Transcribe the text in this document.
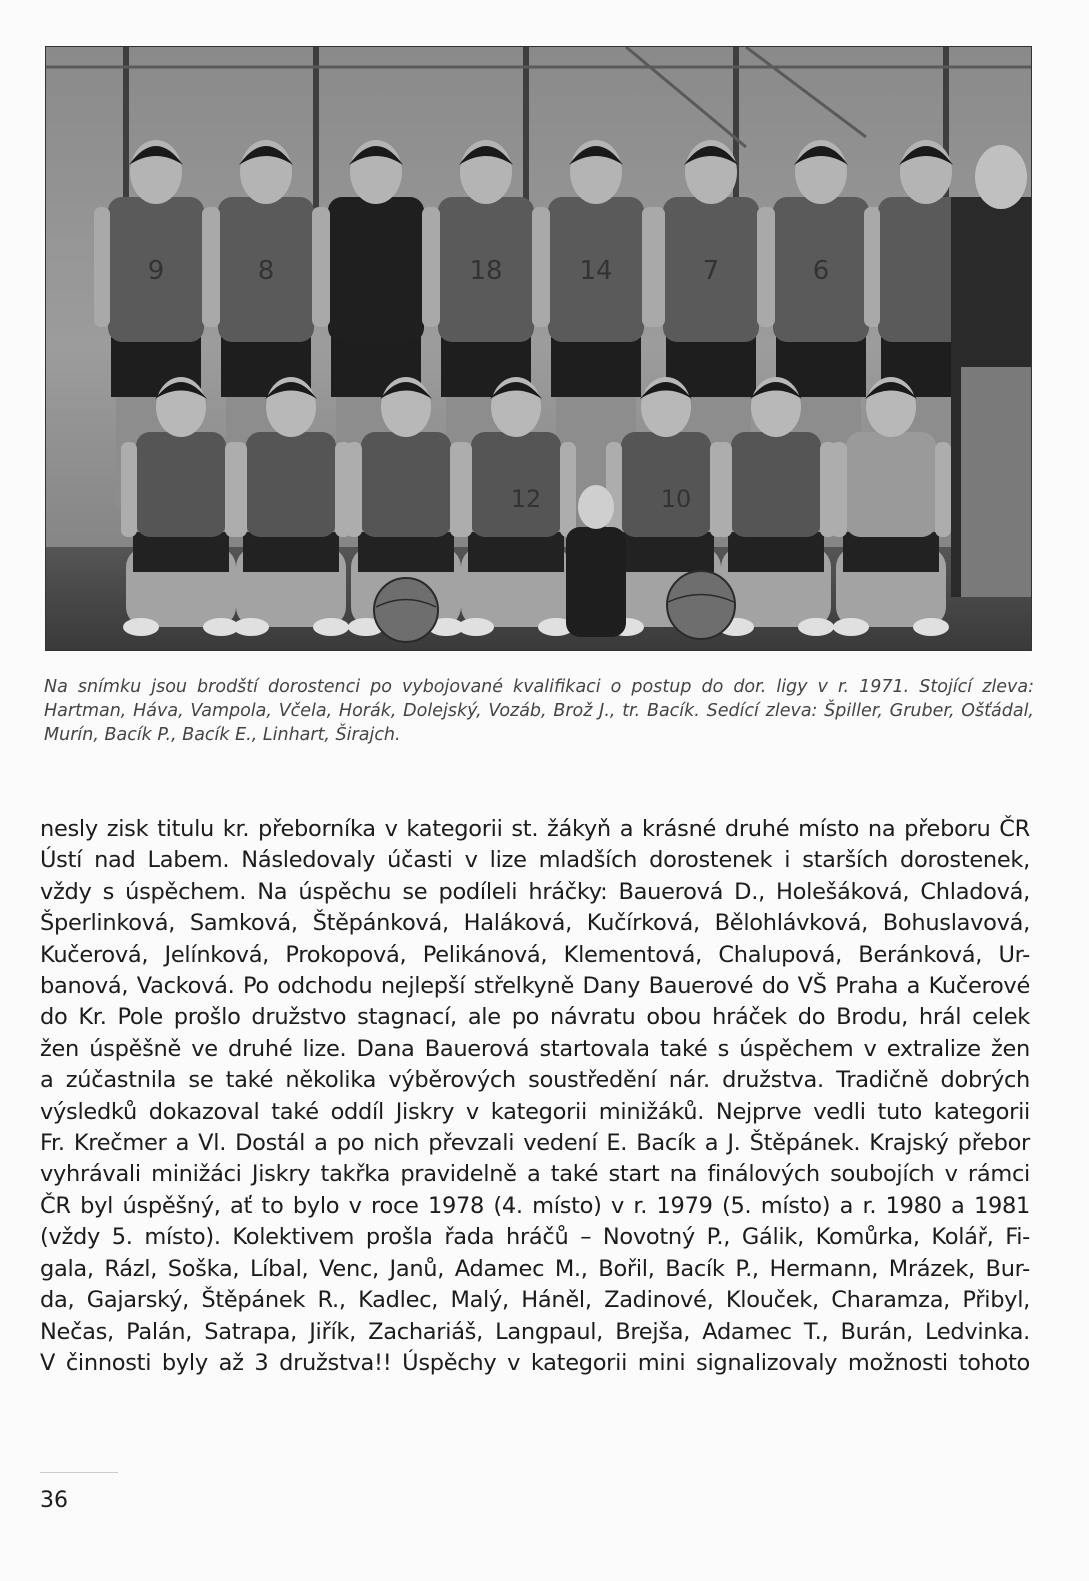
9	8	18	14	7	6
12	10

Na snímku jsou brodští dorostenci po vybojované kvalifikaci o postup do dor. ligy v r. 1971. Stojící zleva: Hartman, Háva, Vampola, Včela, Horák, Dolejský, Vozáb, Brož J., tr. Bacík. Sedící zleva: Špiller, Gruber, Ošťádal, Murín, Bacík P., Bacík E., Linhart, Širajch.

nesly zisk titulu kr. přeborníka v kategorii st. žákyň a krásné druhé místo na přeboru ČR
Ústí nad Labem. Následovaly účasti v lize mladších dorostenek i starších dorostenek,
vždy s úspěchem. Na úspěchu se podíleli hráčky: Bauerová D., Holešáková, Chladová,
Šperlinková, Samková, Štěpánková, Haláková, Kučírková, Bělohlávková, Bohuslavová,
Kučerová, Jelínková, Prokopová, Pelikánová, Klementová, Chalupová, Beránková, Ur-
banová, Vacková. Po odchodu nejlepší střelkyně Dany Bauerové do VŠ Praha a Kučerové
do Kr. Pole prošlo družstvo stagnací, ale po návratu obou hráček do Brodu, hrál celek
žen úspěšně ve druhé lize. Dana Bauerová startovala také s úspěchem v extralize žen
a zúčastnila se také několika výběrových soustředění nár. družstva. Tradičně dobrých
výsledků dokazoval také oddíl Jiskry v kategorii minižáků. Nejprve vedli tuto kategorii
Fr. Krečmer a Vl. Dostál a po nich převzali vedení E. Bacík a J. Štěpánek. Krajský přebor
vyhrávali minižáci Jiskry takřka pravidelně a také start na finálových soubojích v rámci
ČR byl úspěšný, ať to bylo v roce 1978 (4. místo) v r. 1979 (5. místo) a r. 1980 a 1981
(vždy 5. místo). Kolektivem prošla řada hráčů – Novotný P., Gálik, Komůrka, Kolář, Fi-
gala, Rázl, Soška, Líbal, Venc, Janů, Adamec M., Bořil, Bacík P., Hermann, Mrázek, Bur-
da, Gajarský, Štěpánek R., Kadlec, Malý, Háněl, Zadinové, Klouček, Charamza, Přibyl,
Nečas, Palán, Satrapa, Jiřík, Zachariáš, Langpaul, Brejša, Adamec T., Burán, Ledvinka.
V činnosti byly až 3 družstva!! Úspěchy v kategorii mini signalizovaly možnosti tohoto
36
